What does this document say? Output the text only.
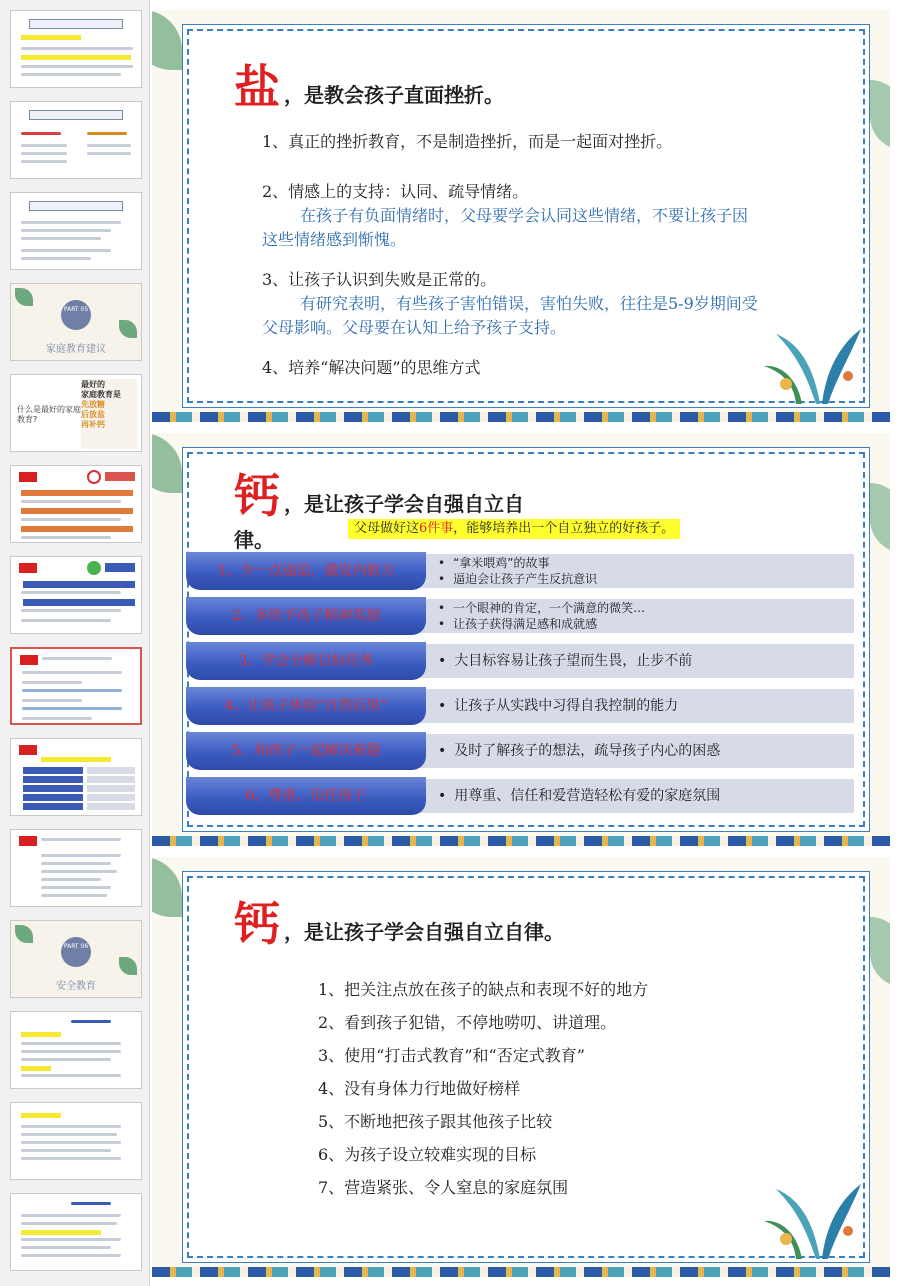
PART 05
家庭教育建议
什么是最好的家庭教育?
最好的
家庭教育是
先放糖
后放盐
再补钙
PART 06
安全教育
盐 ，是教会孩子直面挫折。
1、真正的挫折教育，不是制造挫折，而是一起面对挫折。
2、情感上的支持：认同、疏导情绪。
在孩子有负面情绪时，父母要学会认同这些情绪，不要让孩子因
这些情绪感到惭愧。
3、让孩子认识到失败是正常的。
有研究表明，有些孩子害怕错误，害怕失败，往往是5-9岁期间受
父母影响。父母要在认知上给予孩子支持。
4、培养“解决问题”的思维方式
钙 ，是让孩子学会自强自立自
律。	父母做好这6件事，能够培养出一个自立独立的好孩子。
1、少一点逼迫，激发内驱力	• “拿米喂鸡”的故事
• 逼迫会让孩子产生反抗意识
2、多给予孩子精神奖励	• 一个眼神的肯定，一个满意的微笑…
• 让孩子获得满足感和成就感
3、学会分解目标任务	• 大目标容易让孩子望而生畏，止步不前
4、让孩子体验“自然后果”	• 让孩子从实践中习得自我控制的能力
5、和孩子一起解决难题	• 及时了解孩子的想法，疏导孩子内心的困惑
6、尊重、信任孩子	• 用尊重、信任和爱营造轻松有爱的家庭氛围
钙 ，是让孩子学会自强自立自律。
1、把关注点放在孩子的缺点和表现不好的地方
2、看到孩子犯错，不停地唠叨、讲道理。
3、使用“打击式教育”和“否定式教育”
4、没有身体力行地做好榜样
5、不断地把孩子跟其他孩子比较
6、为孩子设立较难实现的目标
7、营造紧张、令人窒息的家庭氛围
